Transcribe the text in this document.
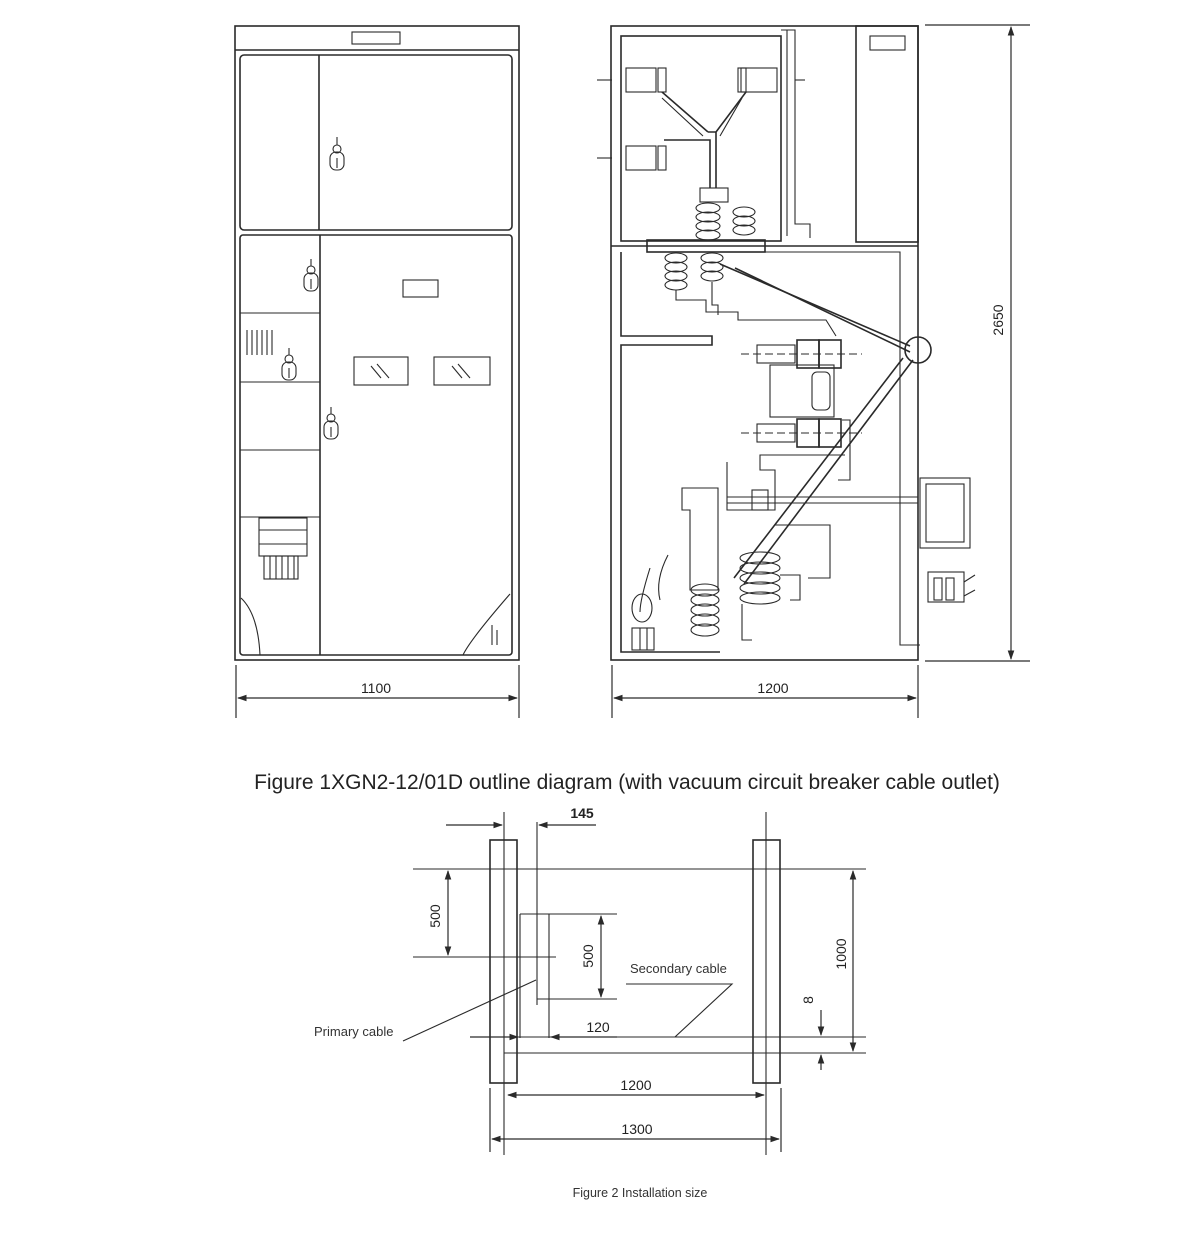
1100	1200
2650
Figure 1XGN2-12/01D outline diagram (with vacuum circuit breaker cable outlet)
145
500
500	1000
8
120
Secondary cable
Primary cable
1200
1300
Figure 2 Installation size
